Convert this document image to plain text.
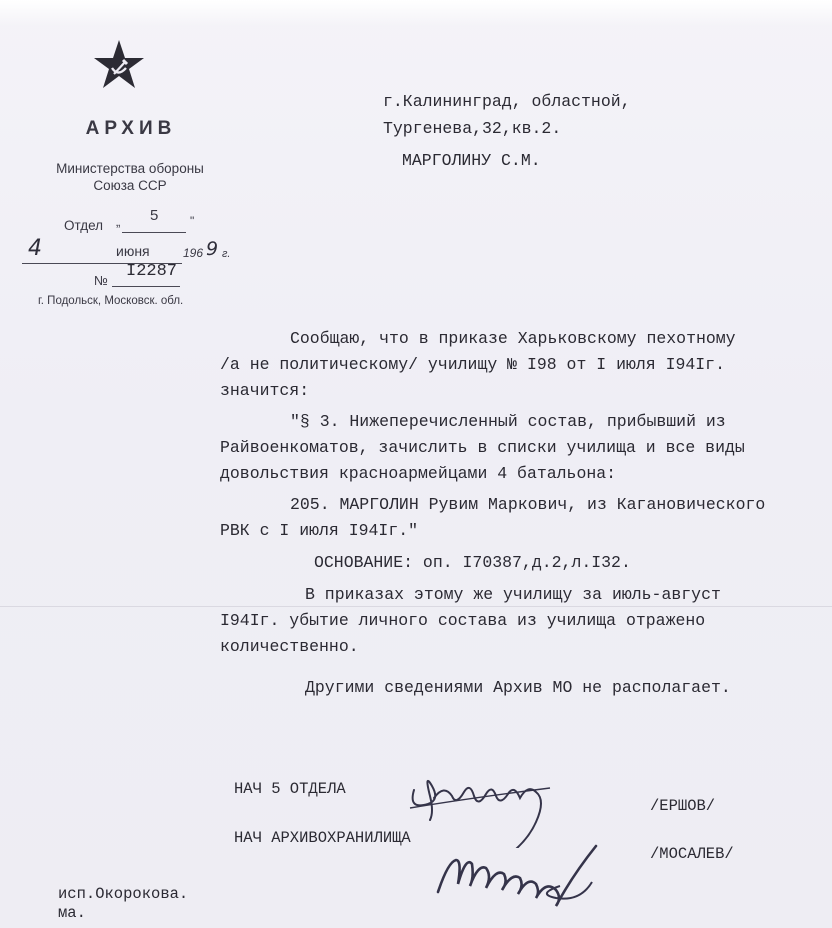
АРХИВ
Министерства обороны
Союза ССР
Отдел „ 5	"
4	июня	196 9 г.
№ I2287
г. Подольск, Московск. обл.
г.Калининград, областной,
Тургенева,32,кв.2.
МАРГОЛИНУ С.М.
Сообщаю, что в приказе Харьковскому пехотному
/а не политическому/ училищу № I98 от I июля I94Iг.
значится:
"§ 3. Нижеперечисленный состав, прибывший из
Райвоенкоматов, зачислить в списки училища и все виды
довольствия красноармейцами 4 батальона:
205. МАРГОЛИН Рувим Маркович, из Кагановического
РВК с I июля I94Iг."
ОСНОВАНИЕ: оп. I70387,д.2,л.I32.
В приказах этому же училищу за июль-август
I94Iг. убытие личного состава из училища отражено
количественно.
Другими сведениями Архив МО не располагает.
НАЧ 5 ОТДЕЛА
/ЕРШОВ/
НАЧ АРХИВОХРАНИЛИЩА
/МОСАЛЕВ/
исп.Окорокова.
ма.
